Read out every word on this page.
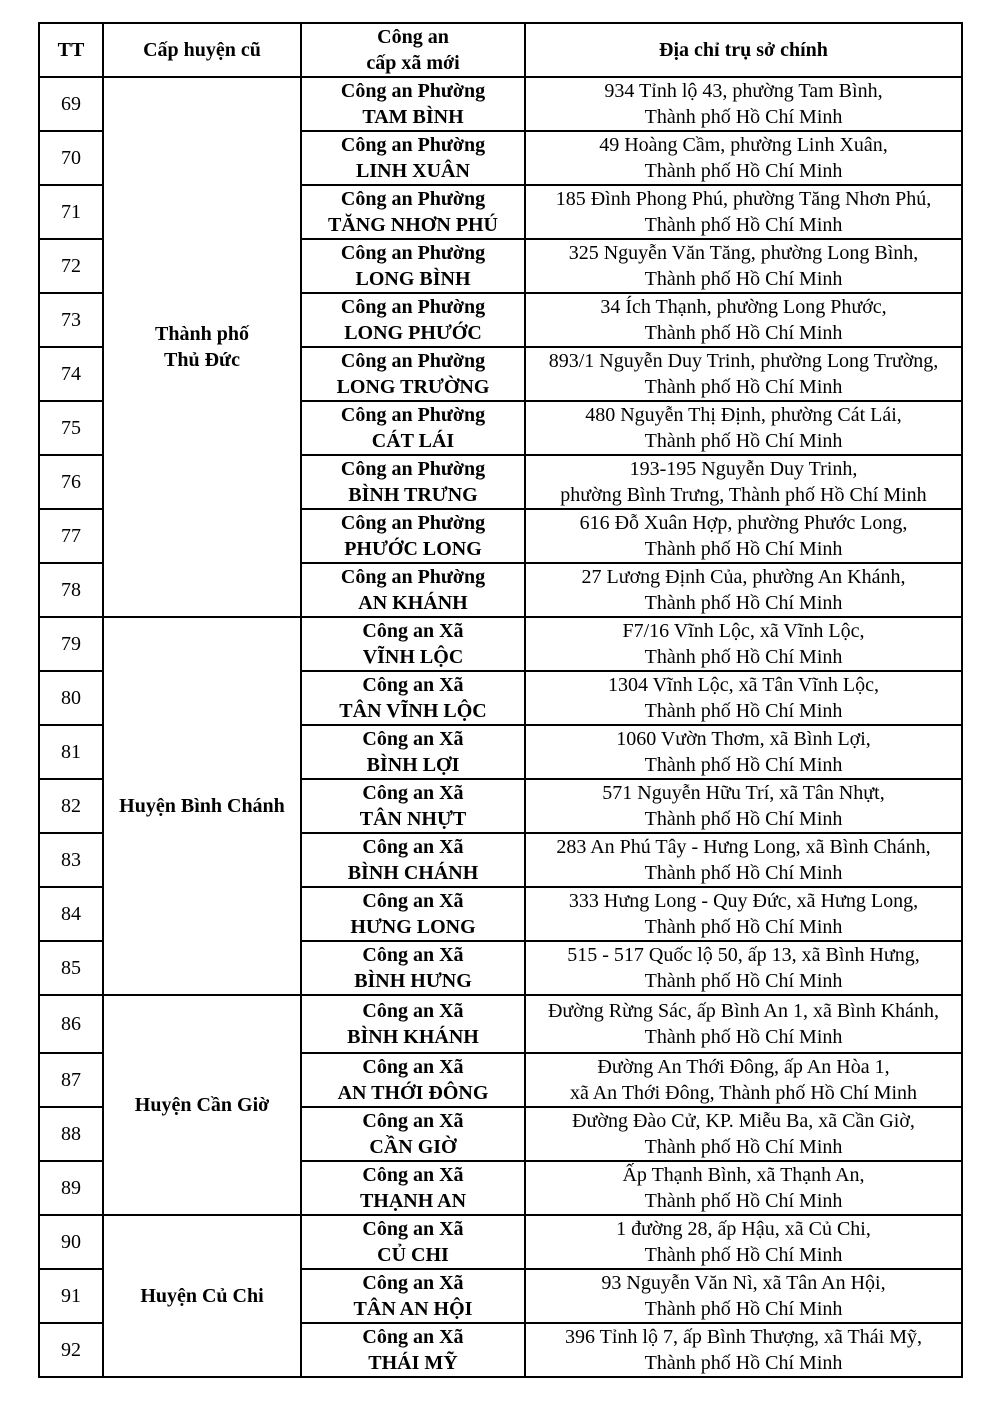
TT	Cấp huyện cũ	Công an
cấp xã mới	Địa chỉ trụ sở chính
69	Thành phố
Thủ Đức	Công an Phường
TAM BÌNH	934 Tỉnh lộ 43, phường Tam Bình,
Thành phố Hồ Chí Minh

70		Công an Phường
LINH XUÂN	49 Hoàng Cầm, phường Linh Xuân,
Thành phố Hồ Chí Minh

71		Công an Phường
TĂNG NHƠN PHÚ	185 Đình Phong Phú, phường Tăng Nhơn Phú,
Thành phố Hồ Chí Minh

72		Công an Phường
LONG BÌNH	325 Nguyễn Văn Tăng, phường Long Bình,
Thành phố Hồ Chí Minh

73		Công an Phường
LONG PHƯỚC	34 Ích Thạnh, phường Long Phước,
Thành phố Hồ Chí Minh

74		Công an Phường
LONG TRƯỜNG	893/1 Nguyễn Duy Trinh, phường Long Trường,
Thành phố Hồ Chí Minh

75		Công an Phường
CÁT LÁI	480 Nguyễn Thị Định, phường Cát Lái,
Thành phố Hồ Chí Minh

76		Công an Phường
BÌNH TRƯNG	193-195 Nguyễn Duy Trinh,
phường Bình Trưng, Thành phố Hồ Chí Minh

77		Công an Phường
PHƯỚC LONG	616 Đỗ Xuân Hợp, phường Phước Long,
Thành phố Hồ Chí Minh

78		Công an Phường
AN KHÁNH	27 Lương Định Của, phường An Khánh,
Thành phố Hồ Chí Minh

79	Huyện Bình Chánh	Công an Xã
VĨNH LỘC	F7/16 Vĩnh Lộc, xã Vĩnh Lộc,
Thành phố Hồ Chí Minh

80		Công an Xã
TÂN VĨNH LỘC	1304 Vĩnh Lộc, xã Tân Vĩnh Lộc,
Thành phố Hồ Chí Minh

81		Công an Xã
BÌNH LỢI	1060 Vườn Thơm, xã Bình Lợi,
Thành phố Hồ Chí Minh

82		Công an Xã
TÂN NHỰT	571 Nguyễn Hữu Trí, xã Tân Nhựt,
Thành phố Hồ Chí Minh

83		Công an Xã
BÌNH CHÁNH	283 An Phú Tây - Hưng Long, xã Bình Chánh,
Thành phố Hồ Chí Minh

84		Công an Xã
HƯNG LONG	333 Hưng Long - Quy Đức, xã Hưng Long,
Thành phố Hồ Chí Minh

85		Công an Xã
BÌNH HƯNG	515 - 517 Quốc lộ 50, ấp 13, xã Bình Hưng,
Thành phố Hồ Chí Minh

86	Huyện Cần Giờ	Công an Xã
BÌNH KHÁNH	Đường Rừng Sác, ấp Bình An 1, xã Bình Khánh,
Thành phố Hồ Chí Minh

87		Công an Xã
AN THỚI ĐÔNG	Đường An Thới Đông, ấp An Hòa 1,
xã An Thới Đông, Thành phố Hồ Chí Minh

88		Công an Xã
CẦN GIỜ	Đường Đào Cử, KP. Miễu Ba, xã Cần Giờ,
Thành phố Hồ Chí Minh

89		Công an Xã
THẠNH AN	Ấp Thạnh Bình, xã Thạnh An,
Thành phố Hồ Chí Minh

90	Huyện Củ Chi	Công an Xã
CỦ CHI	1 đường 28, ấp Hậu, xã Củ Chi,
Thành phố Hồ Chí Minh

91		Công an Xã
TÂN AN HỘI	93 Nguyễn Văn Nì, xã Tân An Hội,
Thành phố Hồ Chí Minh

92		Công an Xã
THÁI MỸ	396 Tỉnh lộ 7, ấp Bình Thượng, xã Thái Mỹ,
Thành phố Hồ Chí Minh
